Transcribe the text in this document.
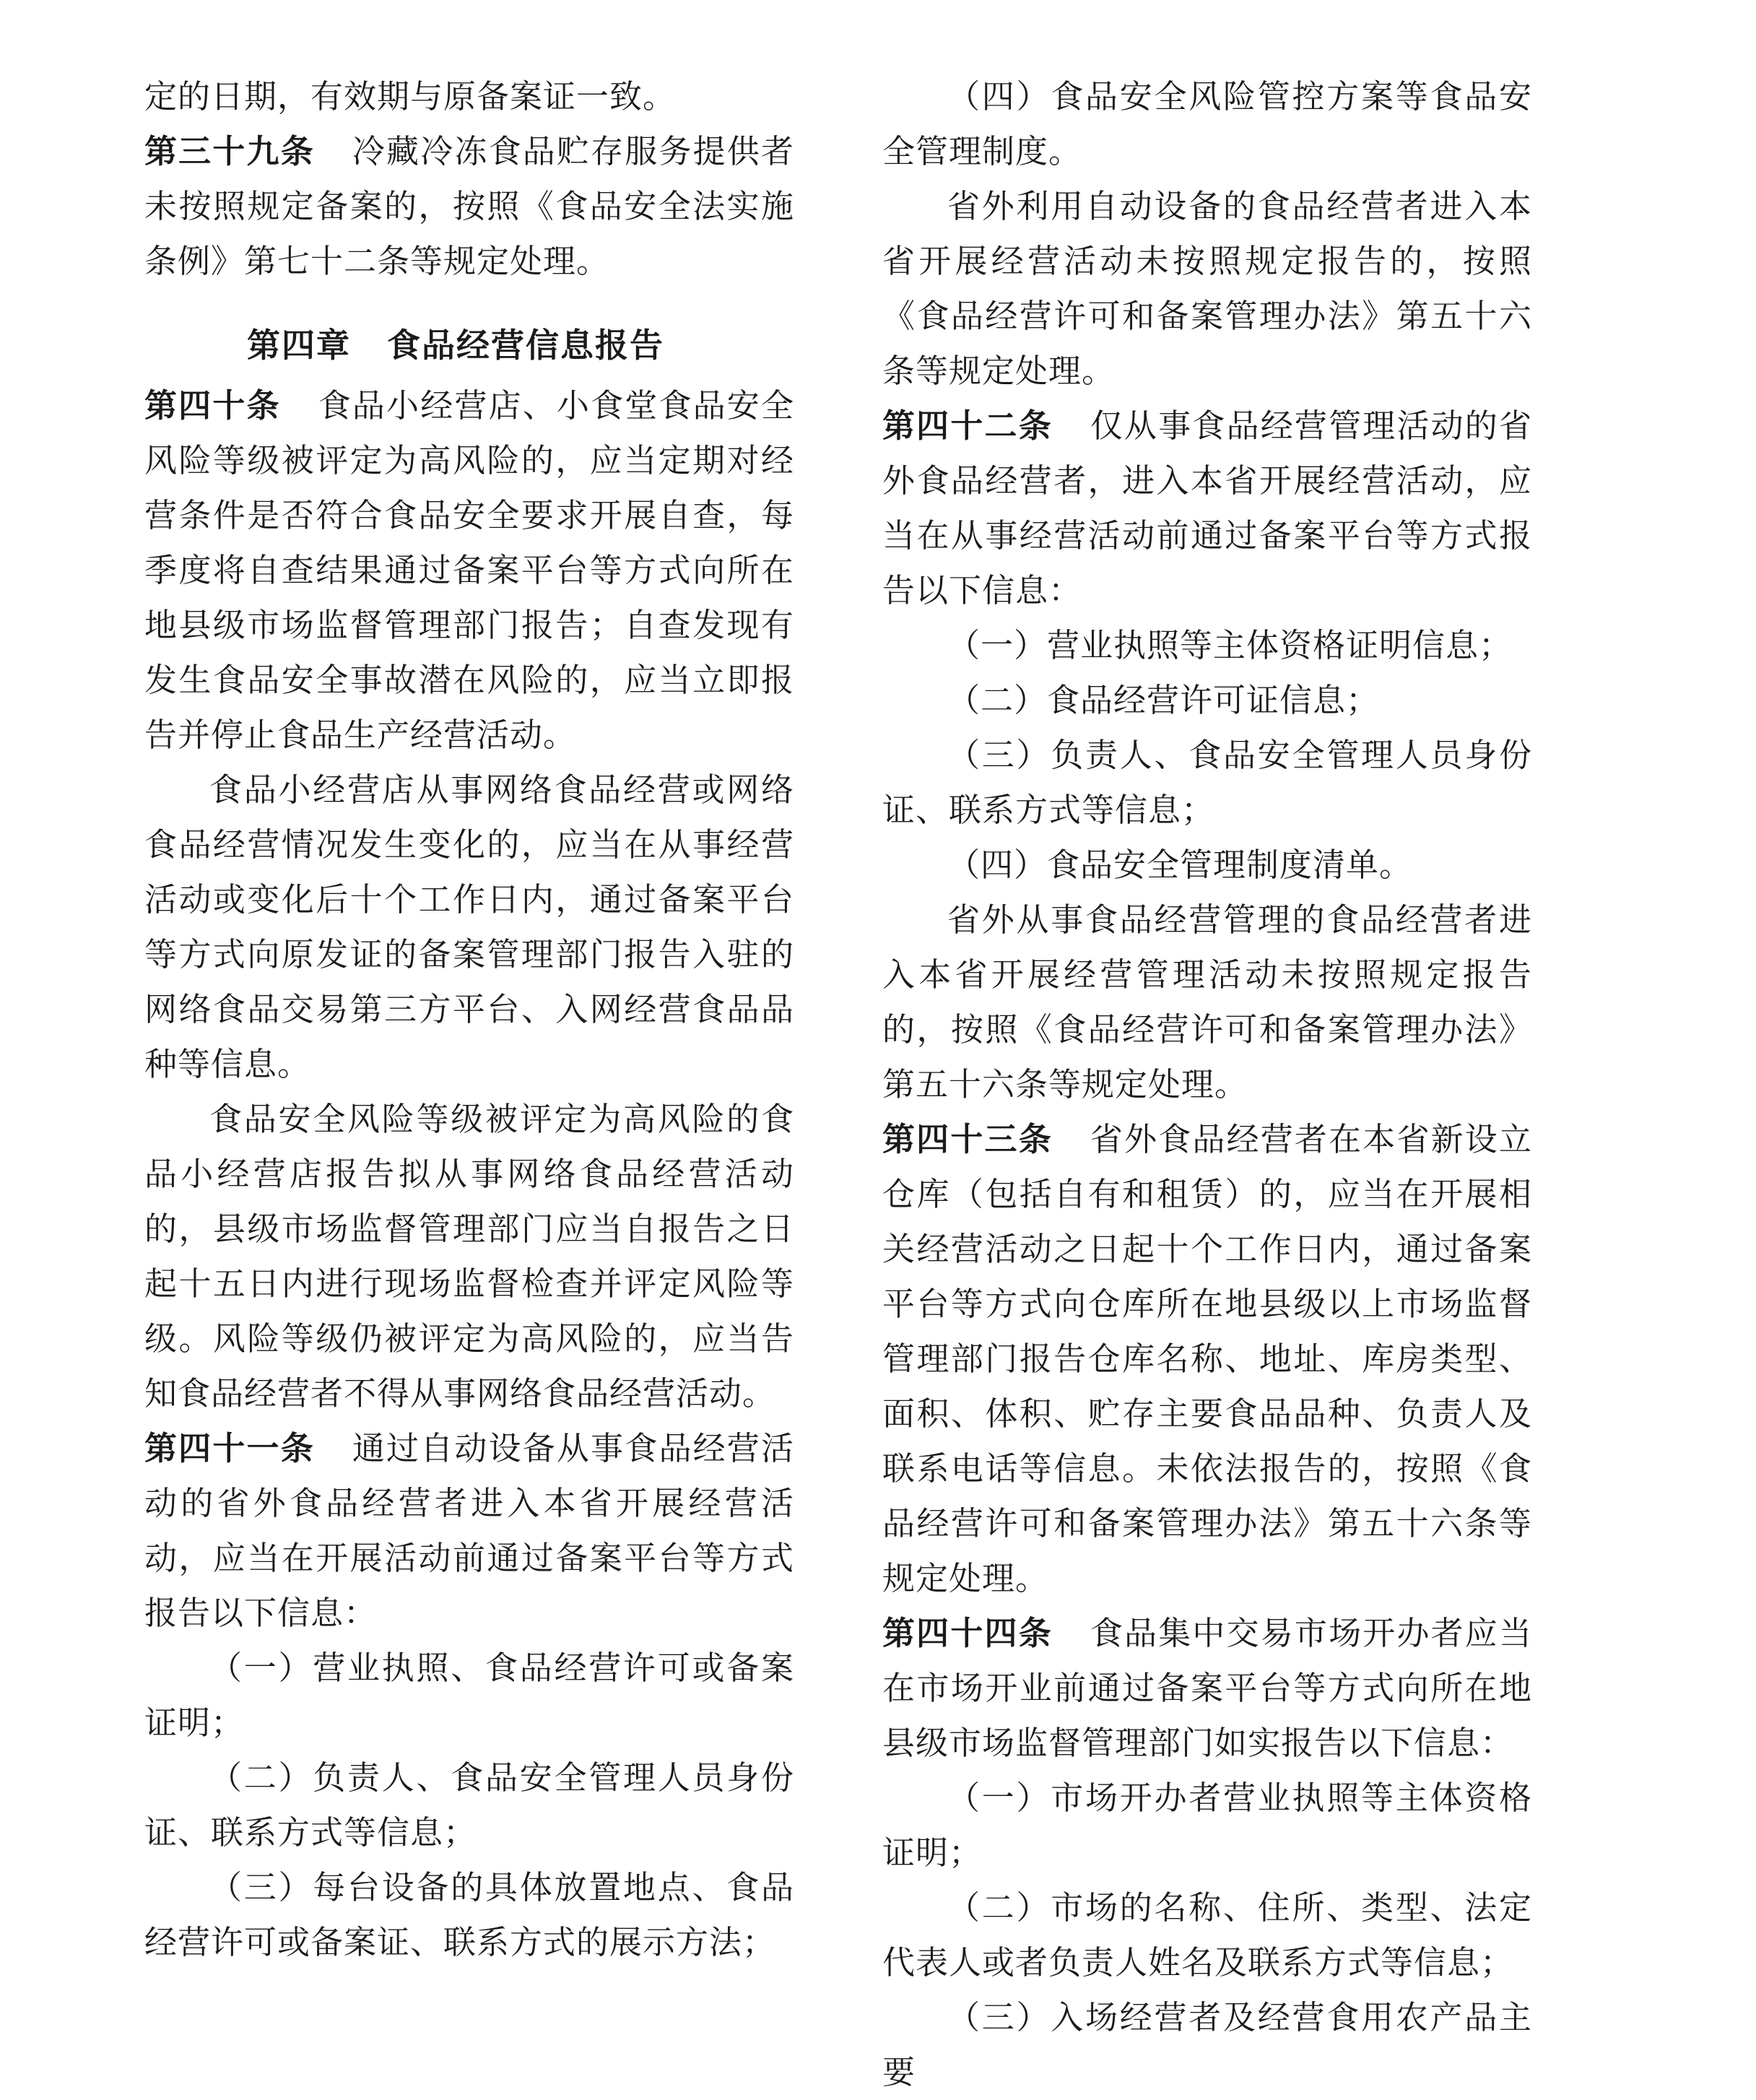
定的日期，有效期与原备案证一致。

第三十九条 冷藏冷冻食品贮存服务提供者未按照规定备案的，按照《食品安全法实施条例》第七十二条等规定处理。

第四章 食品经营信息报告

第四十条 食品小经营店、小食堂食品安全风险等级被评定为高风险的，应当定期对经营条件是否符合食品安全要求开展自查，每季度将自查结果通过备案平台等方式向所在地县级市场监督管理部门报告；自查发现有发生食品安全事故潜在风险的，应当立即报告并停止食品生产经营活动。

食品小经营店从事网络食品经营或网络食品经营情况发生变化的，应当在从事经营活动或变化后十个工作日内，通过备案平台等方式向原发证的备案管理部门报告入驻的网络食品交易第三方平台、入网经营食品品种等信息。

食品安全风险等级被评定为高风险的食品小经营店报告拟从事网络食品经营活动的，县级市场监督管理部门应当自报告之日起十五日内进行现场监督检查并评定风险等级。风险等级仍被评定为高风险的，应当告知食品经营者不得从事网络食品经营活动。

第四十一条 通过自动设备从事食品经营活动的省外食品经营者进入本省开展经营活动，应当在开展活动前通过备案平台等方式报告以下信息：

（一）营业执照、食品经营许可或备案证明；

（二）负责人、食品安全管理人员身份证、联系方式等信息；

（三）每台设备的具体放置地点、食品经营许可或备案证、联系方式的展示方法；

（四）食品安全风险管控方案等食品安全管理制度。

省外利用自动设备的食品经营者进入本省开展经营活动未按照规定报告的，按照《食品经营许可和备案管理办法》第五十六条等规定处理。

第四十二条 仅从事食品经营管理活动的省外食品经营者，进入本省开展经营活动，应当在从事经营活动前通过备案平台等方式报告以下信息：

（一）营业执照等主体资格证明信息；

（二）食品经营许可证信息；

（三）负责人、食品安全管理人员身份证、联系方式等信息；

（四）食品安全管理制度清单。

省外从事食品经营管理的食品经营者进入本省开展经营管理活动未按照规定报告的，按照《食品经营许可和备案管理办法》第五十六条等规定处理。

第四十三条 省外食品经营者在本省新设立仓库（包括自有和租赁）的，应当在开展相关经营活动之日起十个工作日内，通过备案平台等方式向仓库所在地县级以上市场监督管理部门报告仓库名称、地址、库房类型、面积、体积、贮存主要食品品种、负责人及联系电话等信息。未依法报告的，按照《食品经营许可和备案管理办法》第五十六条等规定处理。

第四十四条 食品集中交易市场开办者应当在市场开业前通过备案平台等方式向所在地县级市场监督管理部门如实报告以下信息：

（一）市场开办者营业执照等主体资格证明；

（二）市场的名称、住所、类型、法定代表人或者负责人姓名及联系方式等信息；

（三）入场经营者及经营食用农产品主要
